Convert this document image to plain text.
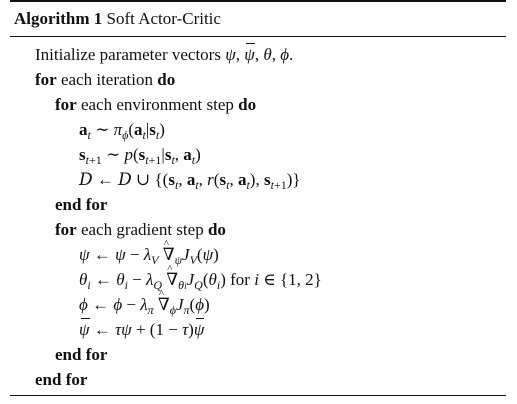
Algorithm 1 Soft Actor-Critic
Initialize parameter vectors ψ, ψ, θ, ϕ.
for each iteration do
for each environment step do
$a_t$ ∼ $\pi_\phi(a_t|s_t)$
$s_{t+1}$ ∼ $p(s_{t+1}|s_t$, $a_t$)
D ← D ∪ {($s_t$, $a_t$, $r(s_t$, $a_t$), $s_{t+1}$)}
end for
for each gradient step do
ψ ← $\psi - \lambda_V$ ^ $\nabla_\psi J_V(\psi)$
$\theta_i$ ← $\theta_i - \lambda_Q$ ^ $\nabla_{\theta i}J_Q(\theta_i)$ for i ∈ {1, 2}
ϕ ← $\phi - \lambda_\pi$ ^ $\nabla_\phi J_\pi(\phi)$
ψ ← τψ + (1 − τ)ψ
end for
end for
